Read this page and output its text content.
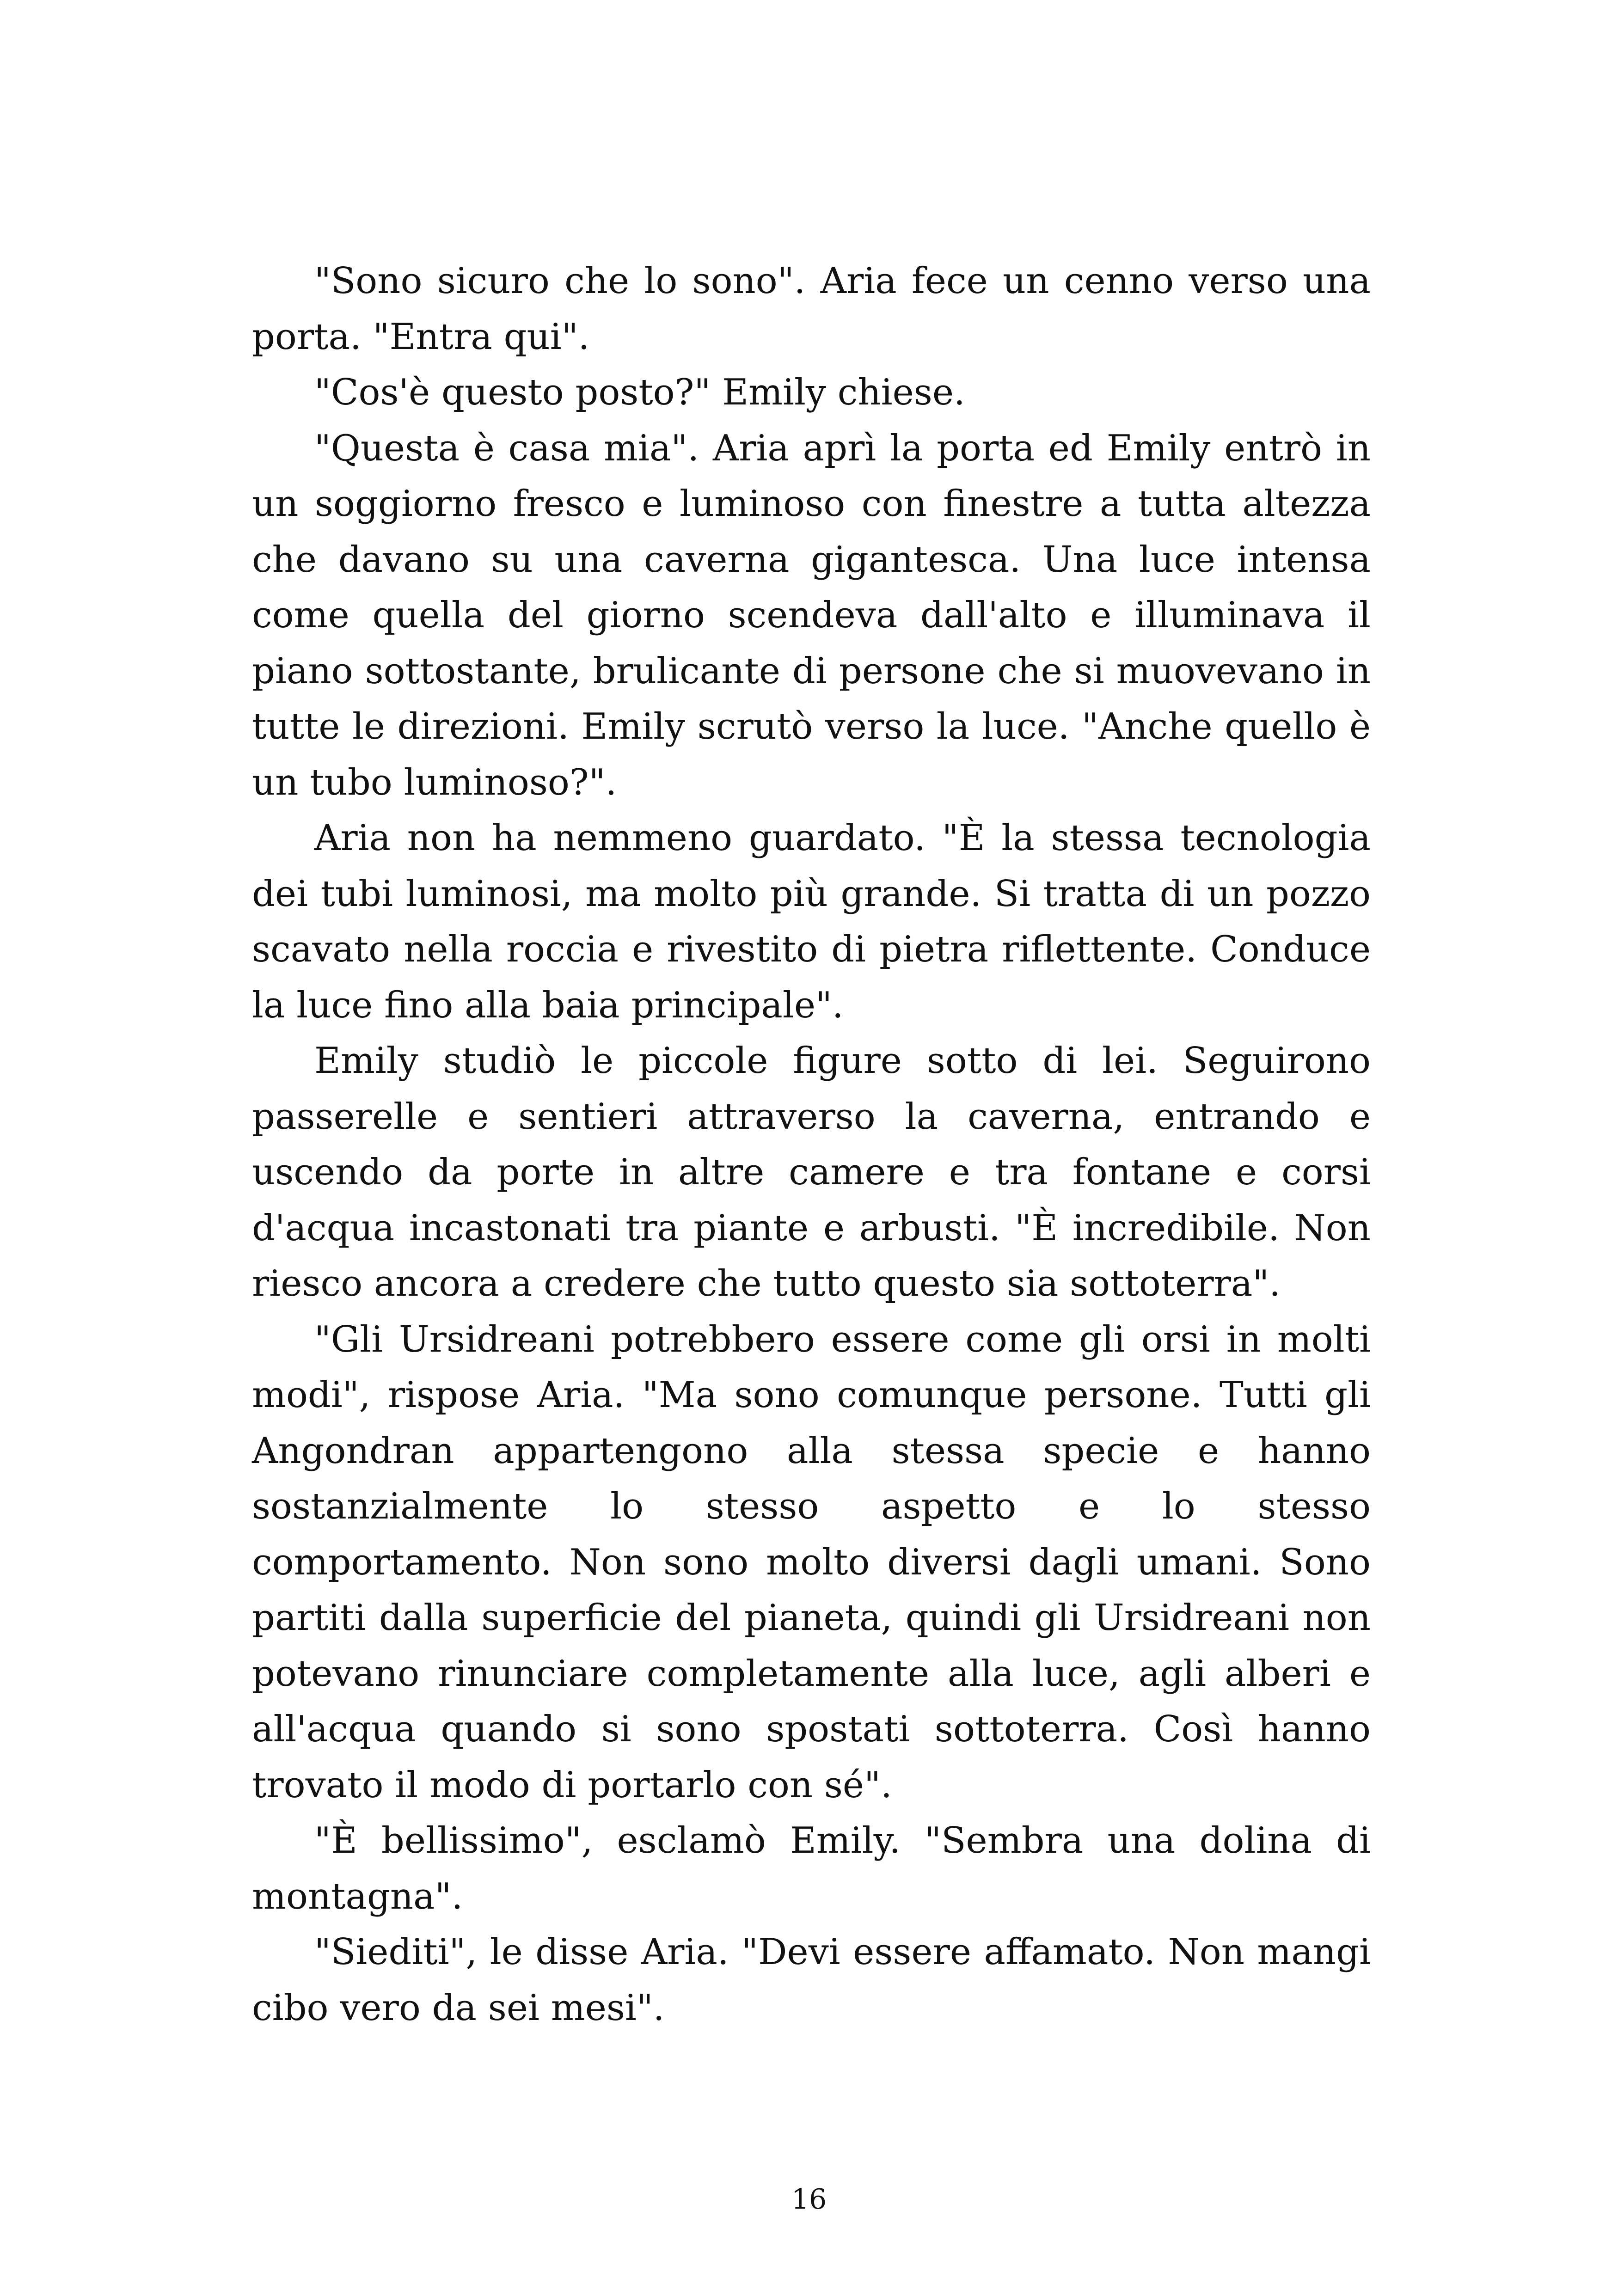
"Sono sicuro che lo sono". Aria fece un cenno verso una porta. "Entra qui".

"Cos'è questo posto?" Emily chiese.

"Questa è casa mia". Aria aprì la porta ed Emily entrò in un soggiorno fresco e luminoso con finestre a tutta altezza che davano su una caverna gigantesca. Una luce intensa come quella del giorno scendeva dall'alto e illuminava il piano sottostante, brulicante di persone che si muovevano in tutte le direzioni. Emily scrutò verso la luce. "Anche quello è un tubo luminoso?".

Aria non ha nemmeno guardato. "È la stessa tecnologia dei tubi luminosi, ma molto più grande. Si tratta di un pozzo scavato nella roccia e rivestito di pietra riflettente. Conduce la luce fino alla baia principale".

Emily studiò le piccole figure sotto di lei. Seguirono passerelle e sentieri attraverso la caverna, entrando e uscendo da porte in altre camere e tra fontane e corsi d'acqua incastonati tra piante e arbusti. "È incredibile. Non riesco ancora a credere che tutto questo sia sottoterra".

"Gli Ursidreani potrebbero essere come gli orsi in molti modi", rispose Aria. "Ma sono comunque persone. Tutti gli Angondran appartengono alla stessa specie e hanno sostanzialmente lo stesso aspetto e lo stesso comportamento. Non sono molto diversi dagli umani. Sono partiti dalla superficie del pianeta, quindi gli Ursidreani non potevano rinunciare completamente alla luce, agli alberi e all'acqua quando si sono spostati sottoterra. Così hanno trovato il modo di portarlo con sé".

"È bellissimo", esclamò Emily. "Sembra una dolina di montagna".

"Siediti", le disse Aria. "Devi essere affamato. Non mangi cibo vero da sei mesi".

16
